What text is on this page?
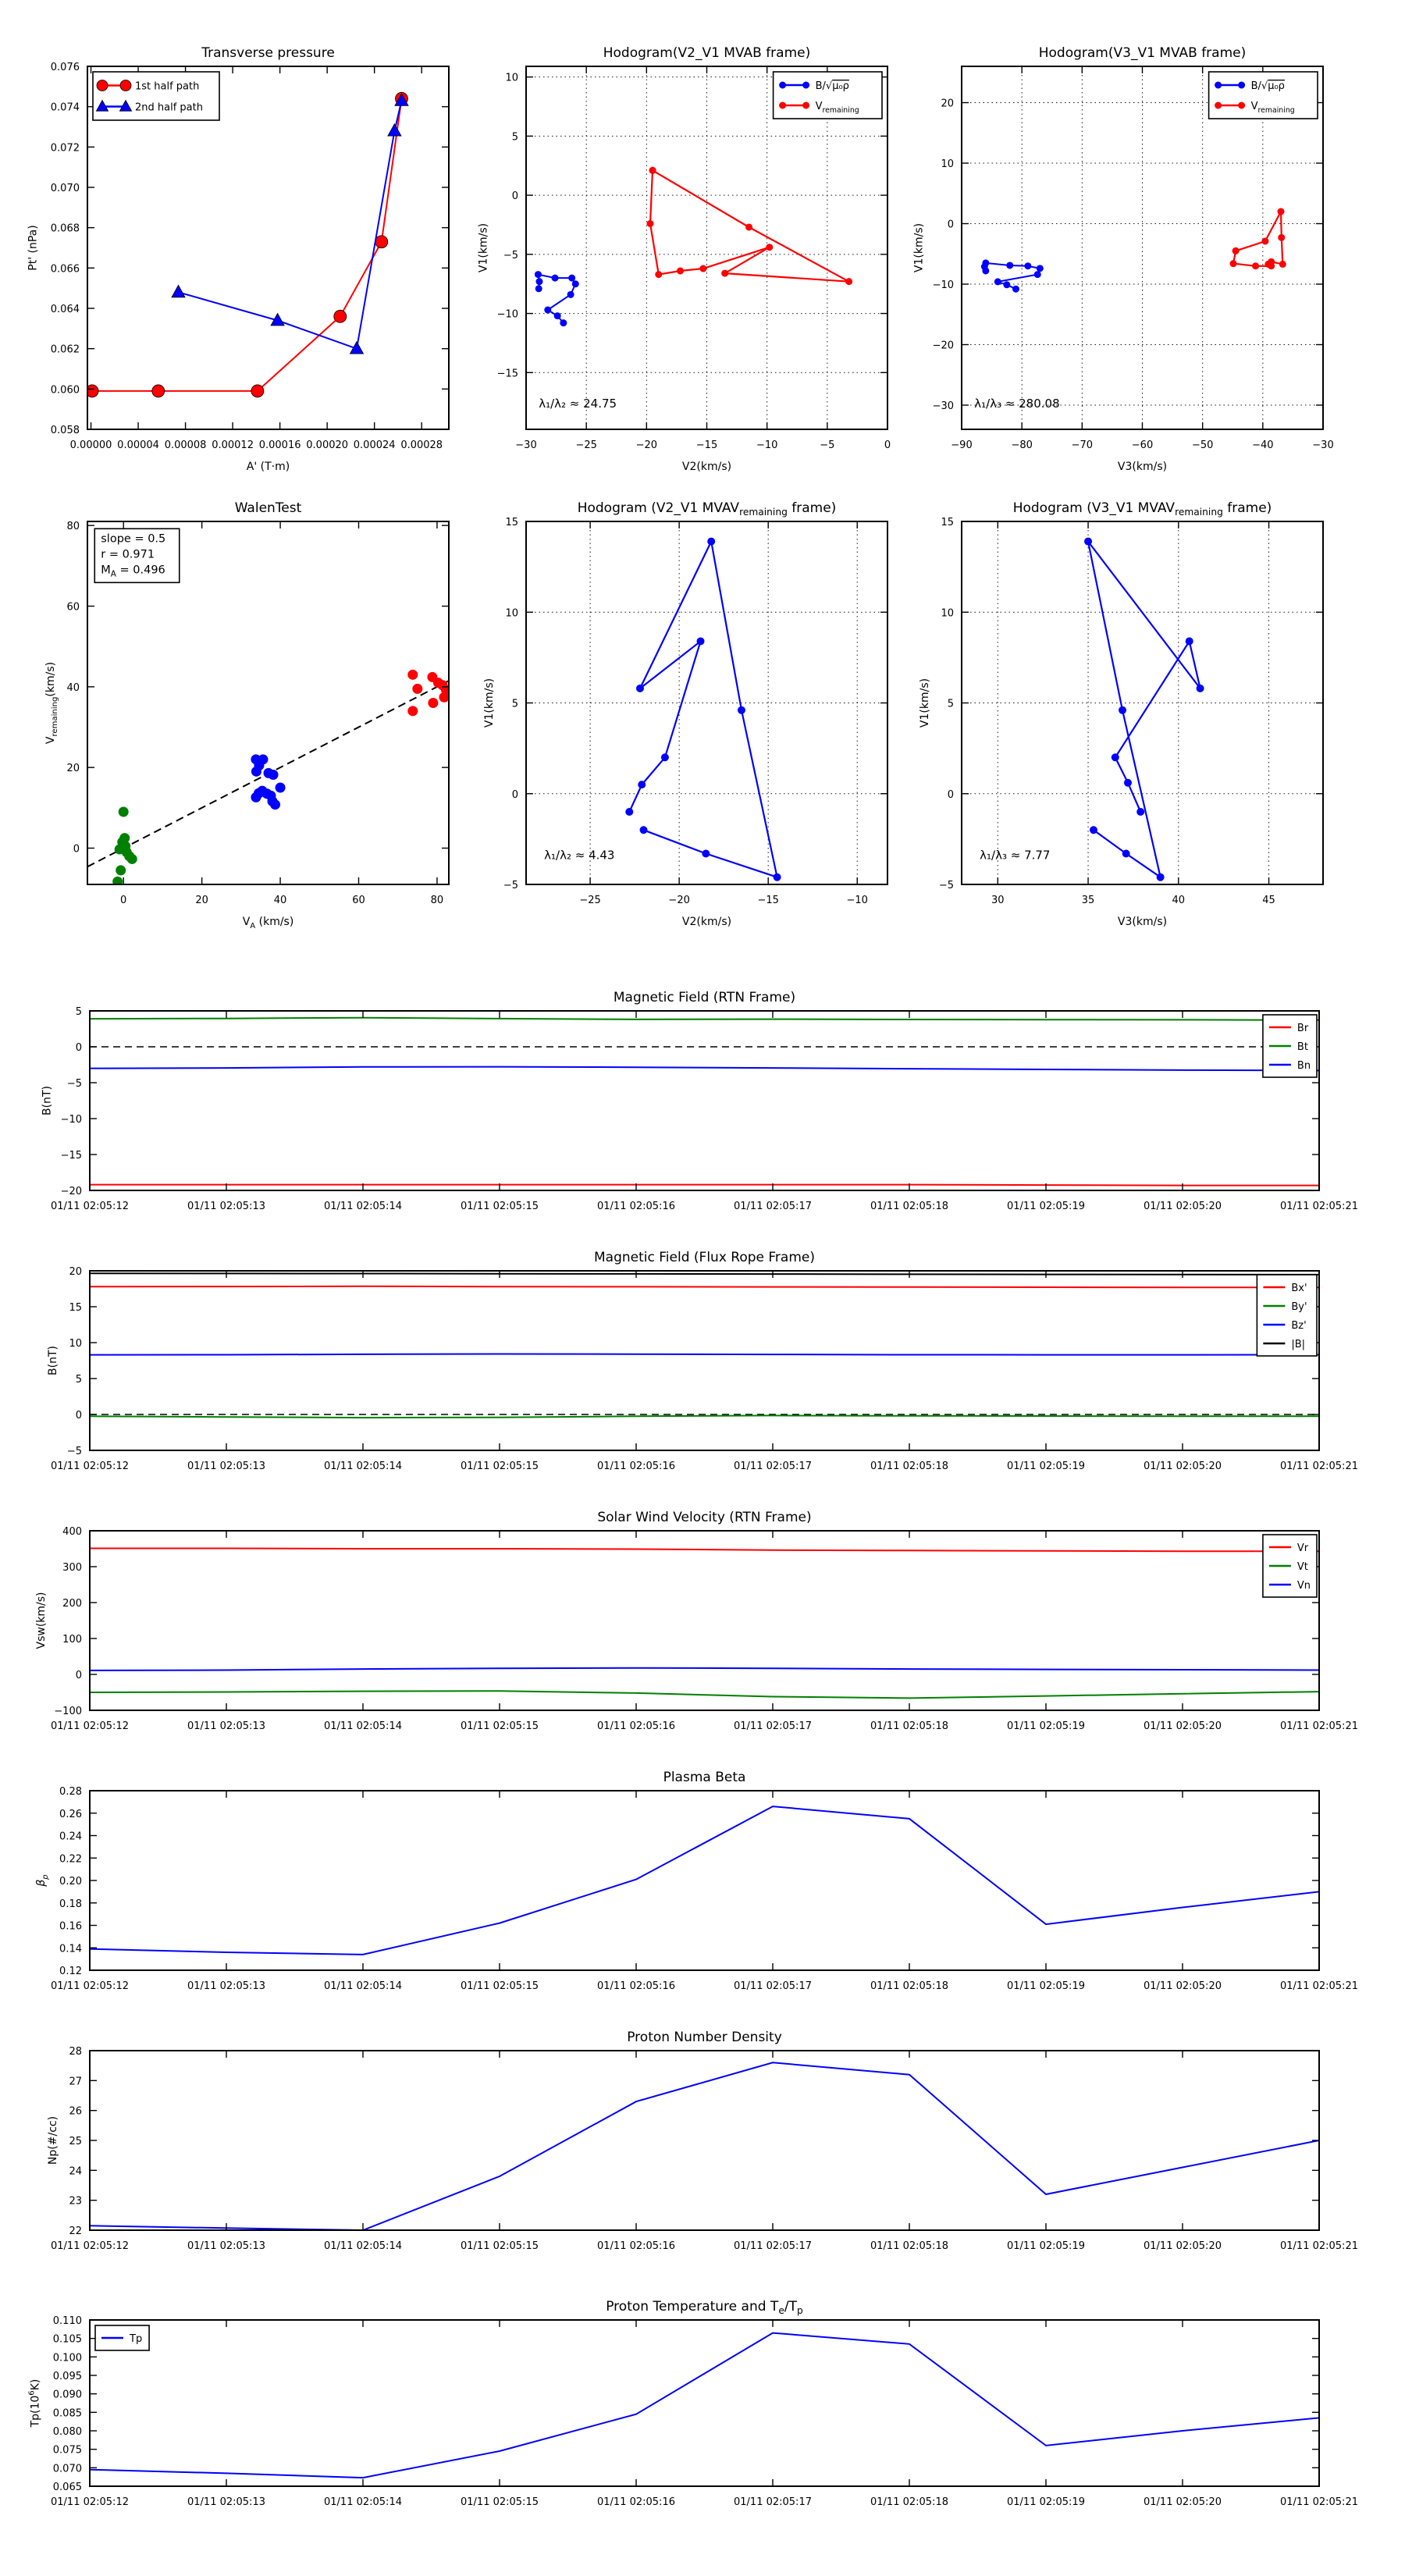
0.00000 0.00004 0.00008 0.00012 0.00016 0.00020 0.00024 0.00028
0.058
0.060
0.062
0.064
0.066
0.068
0.070
0.072
0.074
0.076
Transverse pressure
A' (T·m)
Pt' (nPa)
1st half path
2nd half path
−30	−25	−20	−15	−10	−5	0
−15
−10
−5
0
5
10
Hodogram(V2_V1 MVAB frame)
V2(km/s)
V1(km/s)
B/√μ₀ρ
$V_{remaining}$
λ₁/λ₂ ≈ 24.75
−90	−80	−70	−60	−50	−40	−30
−30
−20
−10
0
10
20
Hodogram(V3_V1 MVAB frame)
V3(km/s)
V1(km/s)
B/√μ₀ρ
$V_{remaining}$
λ₁/λ₃ ≈ 280.08
0	20	40	60	80
0
20
40
60
80
WalenTest
$V_A$ (km/s)
$V_{remaining}(km/s)$
slope = 0.5
r = 0.971
$M_A = 0.496$
−25	−20	−15	−10
−5
0
5
10
15
Hodogram (V2_V1 $MVAV_{remaining}$ frame)
V2(km/s)
V1(km/s)
λ₁/λ₂ ≈ 4.43
30	35	40	45
−5
0
5
10
15
Hodogram (V3_V1 $MVAV_{remaining}$ frame)
V3(km/s)
V1(km/s)
λ₁/λ₃ ≈ 7.77
01/11 02:05:12	01/11 02:05:13	01/11 02:05:14	01/11 02:05:15	01/11 02:05:16	01/11 02:05:17	01/11 02:05:18	01/11 02:05:19	01/11 02:05:20	01/11 02:05:21
−20
−15
−10
−5
0
5
Magnetic Field (RTN Frame)
B(nT)
Br
Bt
Bn
01/11 02:05:12	01/11 02:05:13	01/11 02:05:14	01/11 02:05:15	01/11 02:05:16	01/11 02:05:17	01/11 02:05:18	01/11 02:05:19	01/11 02:05:20	01/11 02:05:21
−5
0
5
10
15
20
Magnetic Field (Flux Rope Frame)
B(nT)
Bx'
By'
Bz'
|B|
01/11 02:05:12	01/11 02:05:13	01/11 02:05:14	01/11 02:05:15	01/11 02:05:16	01/11 02:05:17	01/11 02:05:18	01/11 02:05:19	01/11 02:05:20	01/11 02:05:21
−100
0
100
200
300
400
Solar Wind Velocity (RTN Frame)
Vsw(km/s)
Vr
Vt
Vn
01/11 02:05:12	01/11 02:05:13	01/11 02:05:14	01/11 02:05:15	01/11 02:05:16	01/11 02:05:17	01/11 02:05:18	01/11 02:05:19	01/11 02:05:20	01/11 02:05:21
0.12
0.14
0.16
0.18
0.20
0.22
0.24
0.26
0.28
Plasma Beta
$\beta_p$
01/11 02:05:12	01/11 02:05:13	01/11 02:05:14	01/11 02:05:15	01/11 02:05:16	01/11 02:05:17	01/11 02:05:18	01/11 02:05:19	01/11 02:05:20	01/11 02:05:21
22
23
24
25
26
27
28
Proton Number Density
Np(#/cc)
01/11 02:05:12	01/11 02:05:13	01/11 02:05:14	01/11 02:05:15	01/11 02:05:16	01/11 02:05:17	01/11 02:05:18	01/11 02:05:19	01/11 02:05:20	01/11 02:05:21
0.065
0.070
0.075
0.080
0.085
0.090
0.095
0.100
0.105
0.110
Proton Temperature and $T_e/T_p$
$Tp(10^6K)$
Tp
